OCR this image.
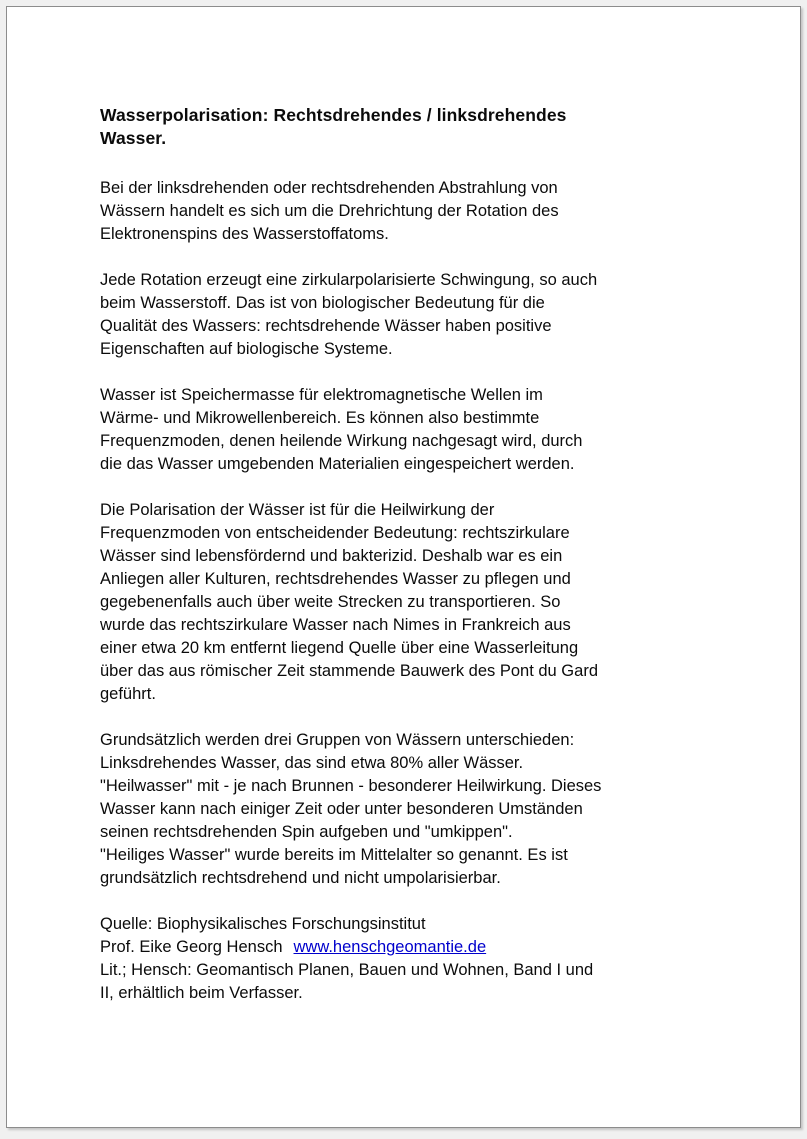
Wasserpolarisation: Rechtsdrehendes / linksdrehendes
Wasser.
Bei der linksdrehenden oder rechtsdrehenden Abstrahlung von
Wässern handelt es sich um die Drehrichtung der Rotation des
Elektronenspins des Wasserstoffatoms.
Jede Rotation erzeugt eine zirkularpolarisierte Schwingung, so auch
beim Wasserstoff. Das ist von biologischer Bedeutung für die
Qualität des Wassers: rechtsdrehende Wässer haben positive
Eigenschaften auf biologische Systeme.
Wasser ist Speichermasse für elektromagnetische Wellen im
Wärme- und Mikrowellenbereich. Es können also bestimmte
Frequenzmoden, denen heilende Wirkung nachgesagt wird, durch
die das Wasser umgebenden Materialien eingespeichert werden.
Die Polarisation der Wässer ist für die Heilwirkung der
Frequenzmoden von entscheidender Bedeutung: rechtszirkulare
Wässer sind lebensfördernd und bakterizid. Deshalb war es ein
Anliegen aller Kulturen, rechtsdrehendes Wasser zu pflegen und
gegebenenfalls auch über weite Strecken zu transportieren. So
wurde das rechtszirkulare Wasser nach Nimes in Frankreich aus
einer etwa 20 km entfernt liegend Quelle über eine Wasserleitung
über das aus römischer Zeit stammende Bauwerk des Pont du Gard
geführt.
Grundsätzlich werden drei Gruppen von Wässern unterschieden:
Linksdrehendes Wasser, das sind etwa 80% aller Wässer.
"Heilwasser" mit - je nach Brunnen - besonderer Heilwirkung. Dieses
Wasser kann nach einiger Zeit oder unter besonderen Umständen
seinen rechtsdrehenden Spin aufgeben und "umkippen".
"Heiliges Wasser" wurde bereits im Mittelalter so genannt. Es ist
grundsätzlich rechtsdrehend und nicht umpolarisierbar.
Quelle: Biophysikalisches Forschungsinstitut
Prof. Eike Georg Hensch www.henschgeomantie.de
Lit.; Hensch: Geomantisch Planen, Bauen und Wohnen, Band I und
II, erhältlich beim Verfasser.
